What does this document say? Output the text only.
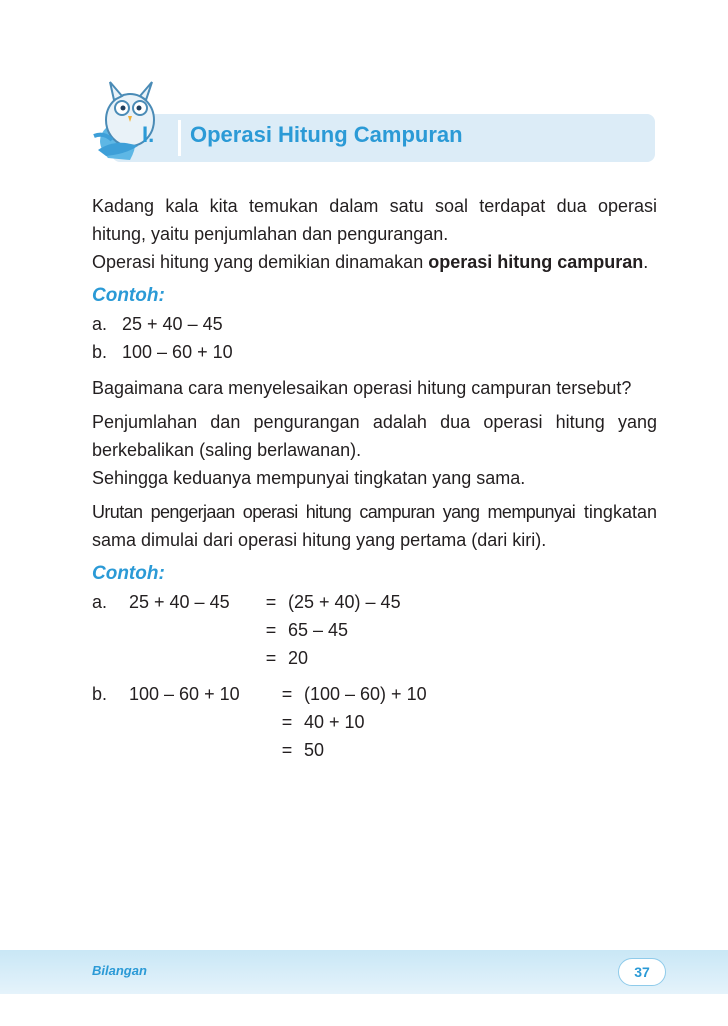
I. Operasi Hitung Campuran

Kadang kala kita temukan dalam satu soal terdapat dua operasi hitung, yaitu penjumlahan dan pengurangan.
Operasi hitung yang demikian dinamakan operasi hitung campuran.

Contoh:
a.   25 + 40 – 45
b.   100 – 60 + 10

Bagaimana cara menyelesaikan operasi hitung campuran tersebut?

Penjumlahan dan pengurangan adalah dua operasi hitung yang berkebalikan (saling berlawanan).
Sehingga keduanya mempunyai tingkatan yang sama.

Urutan pengerjaan operasi hitung campuran yang mempunyai tingkatan sama dimulai dari operasi hitung yang pertama (dari kiri).

Contoh:
a.	25 + 40 – 45	= (25 + 40) – 45
= 65 – 45
= 20
b.	100 – 60 + 10	= (100 – 60) + 10
= 40 + 10
= 50
Bilangan	37
